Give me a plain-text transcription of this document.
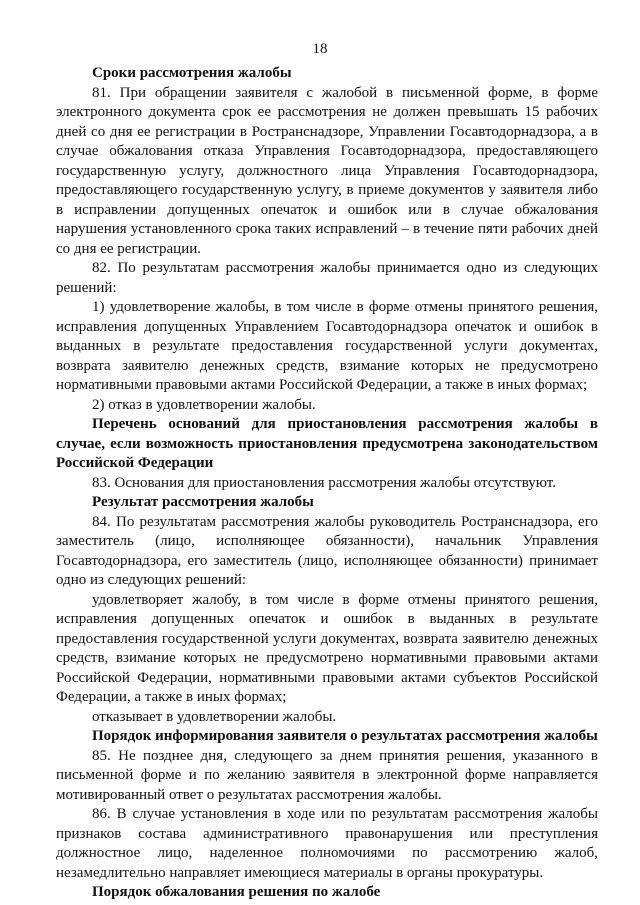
18

Сроки рассмотрения жалобы

81. При обращении заявителя с жалобой в письменной форме, в форме электронного документа срок ее рассмотрения не должен превышать 15 рабочих дней со дня ее регистрации в Ространснадзоре, Управлении Госавтодорнадзора, а в случае обжалования отказа Управления Госавтодорнадзора, предоставляющего государственную услугу, должностного лица Управления Госавтодорнадзора, предоставляющего государственную услугу, в приеме документов у заявителя либо в исправлении допущенных опечаток и ошибок или в случае обжалования нарушения установленного срока таких исправлений – в течение пяти рабочих дней со дня ее регистрации.

82. По результатам рассмотрения жалобы принимается одно из следующих решений:

1) удовлетворение жалобы, в том числе в форме отмены принятого решения, исправления допущенных Управлением Госавтодорнадзора опечаток и ошибок в выданных в результате предоставления государственной услуги документах, возврата заявителю денежных средств, взимание которых не предусмотрено нормативными правовыми актами Российской Федерации, а также в иных формах;

2) отказ в удовлетворении жалобы.

Перечень оснований для приостановления рассмотрения жалобы в случае, если возможность приостановления предусмотрена законодательством Российской Федерации

83. Основания для приостановления рассмотрения жалобы отсутствуют.

Результат рассмотрения жалобы

84. По результатам рассмотрения жалобы руководитель Ространснадзора, его заместитель (лицо, исполняющее обязанности), начальник Управления Госавтодорнадзора, его заместитель (лицо, исполняющее обязанности) принимает одно из следующих решений:

удовлетворяет жалобу, в том числе в форме отмены принятого решения, исправления допущенных опечаток и ошибок в выданных в результате предоставления государственной услуги документах, возврата заявителю денежных средств, взимание которых не предусмотрено нормативными правовыми актами Российской Федерации, нормативными правовыми актами субъектов Российской Федерации, а также в иных формах;

отказывает в удовлетворении жалобы.

Порядок информирования заявителя о результатах рассмотрения жалобы

85. Не позднее дня, следующего за днем принятия решения, указанного в письменной форме и по желанию заявителя в электронной форме направляется мотивированный ответ о результатах рассмотрения жалобы.

86. В случае установления в ходе или по результатам рассмотрения жалобы признаков состава административного правонарушения или преступления должностное лицо, наделенное полномочиями по рассмотрению жалоб, незамедлительно направляет имеющиеся материалы в органы прокуратуры.

Порядок обжалования решения по жалобе
